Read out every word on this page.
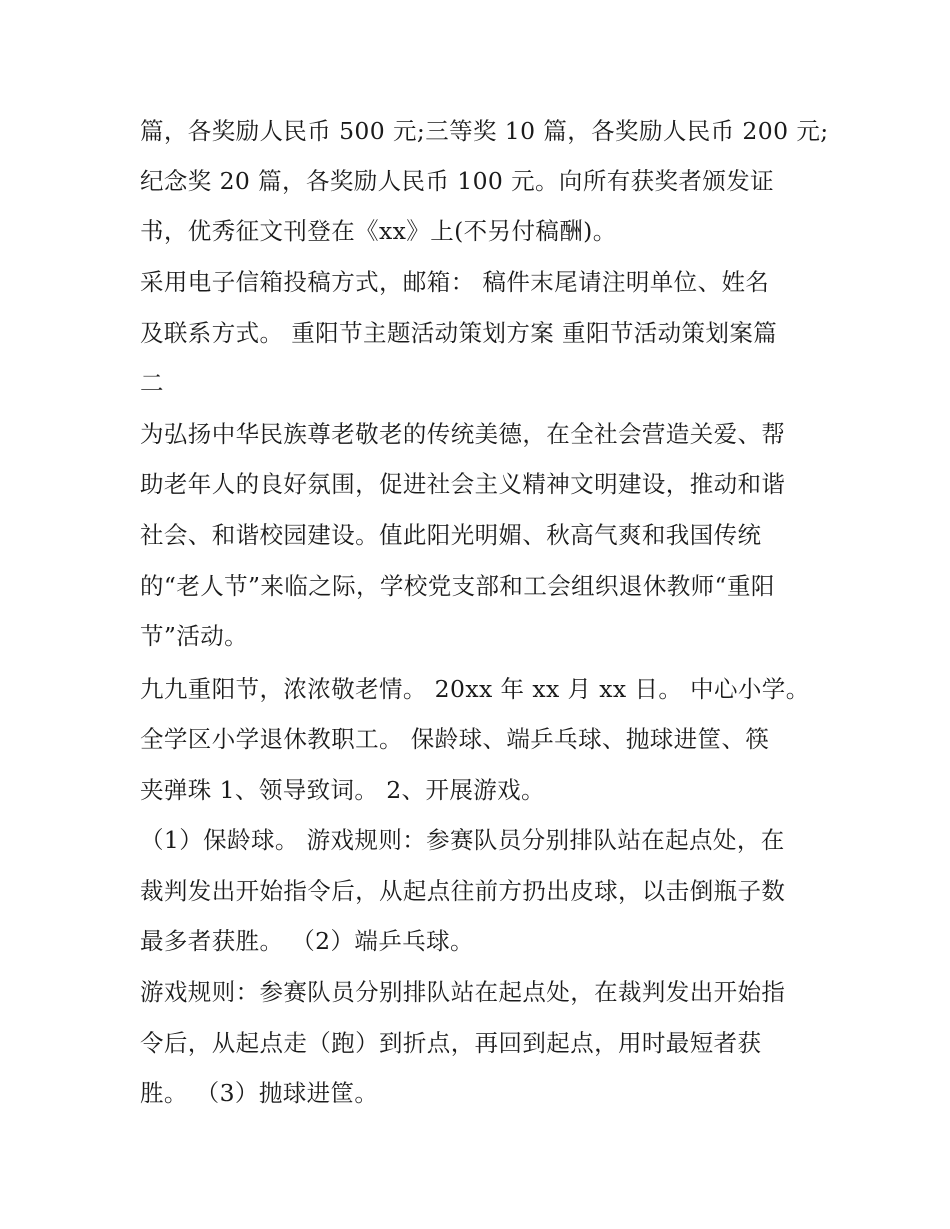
篇，各奖励人民币 500 元;三等奖 10 篇，各奖励人民币 200 元;
纪念奖 20 篇，各奖励人民币 100 元。向所有获奖者颁发证
书，优秀征文刊登在《xx》上(不另付稿酬)。
采用电子信箱投稿方式，邮箱： 稿件末尾请注明单位、姓名
及联系方式。 重阳节主题活动策划方案 重阳节活动策划案篇
二
为弘扬中华民族尊老敬老的传统美德，在全社会营造关爱、帮
助老年人的良好氛围，促进社会主义精神文明建设，推动和谐
社会、和谐校园建设。值此阳光明媚、秋高气爽和我国传统
的“老人节”来临之际，学校党支部和工会组织退休教师“重阳
节”活动。
九九重阳节，浓浓敬老情。 20xx 年 xx 月 xx 日。 中心小学。
全学区小学退休教职工。 保龄球、端乒乓球、抛球进筐、筷
夹弹珠 1、领导致词。 2、开展游戏。
（1）保龄球。 游戏规则：参赛队员分别排队站在起点处，在
裁判发出开始指令后，从起点往前方扔出皮球，以击倒瓶子数
最多者获胜。 （2）端乒乓球。
游戏规则：参赛队员分别排队站在起点处，在裁判发出开始指
令后，从起点走（跑）到折点，再回到起点，用时最短者获
胜。 （3）抛球进筐。
